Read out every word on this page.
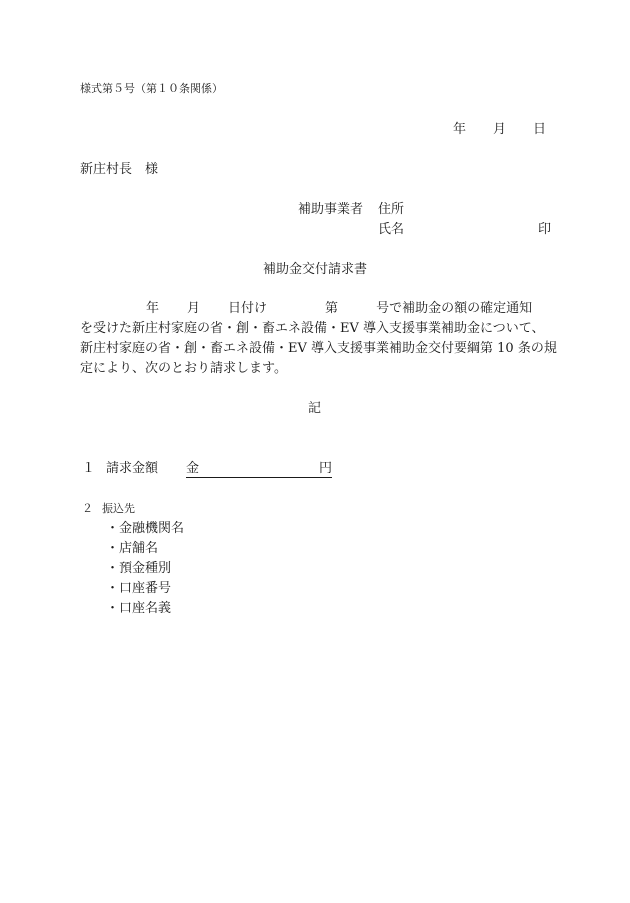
様式第５号（第１０条関係）
年 月 日
新庄村長 様
補助事業者 住所
氏名	印
補助金交付請求書
年 月 日付け	第	号で補助金の額の確定通知
を受けた新庄村家庭の省・創・畜エネ設備・EV 導入支援事業補助金について、
新庄村家庭の省・創・畜エネ設備・EV 導入支援事業補助金交付要綱第 10 条の規
定により、次のとおり請求します。
記
１ 請求金額 金	円
２ 振込先
・金融機関名
・店舗名
・預金種別
・口座番号
・口座名義
